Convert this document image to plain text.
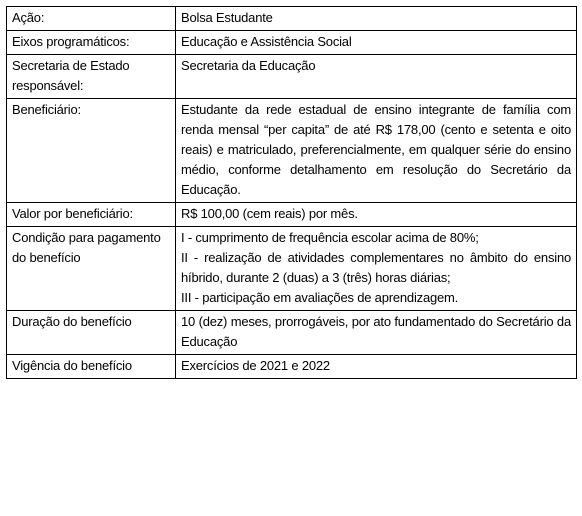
Ação:	Bolsa Estudante

Eixos programáticos:	Educação e Assistência Social

Secretaria de Estado responsável:	Secretaria da Educação

Beneficiário:	Estudante da rede estadual de ensino integrante de família com renda mensal “per capita” de até R$ 178,00 (cento e setenta e oito reais) e matriculado, preferencialmente, em qualquer série do ensino médio, conforme detalhamento em resolução do Secretário da Educação.

Valor por beneficiário:	R$ 100,00 (cem reais) por mês.

Condição para pagamento do benefício	I - cumprimento de frequência escolar acima de 80%;
II - realização de atividades complementares no âmbito do ensino híbrido, durante 2 (duas) a 3 (três) horas diárias;
III - participação em avaliações de aprendizagem.

Duração do benefício	10 (dez) meses, prorrogáveis, por ato fundamentado do Secretário da Educação

Vigência do benefício	Exercícios de 2021 e 2022
